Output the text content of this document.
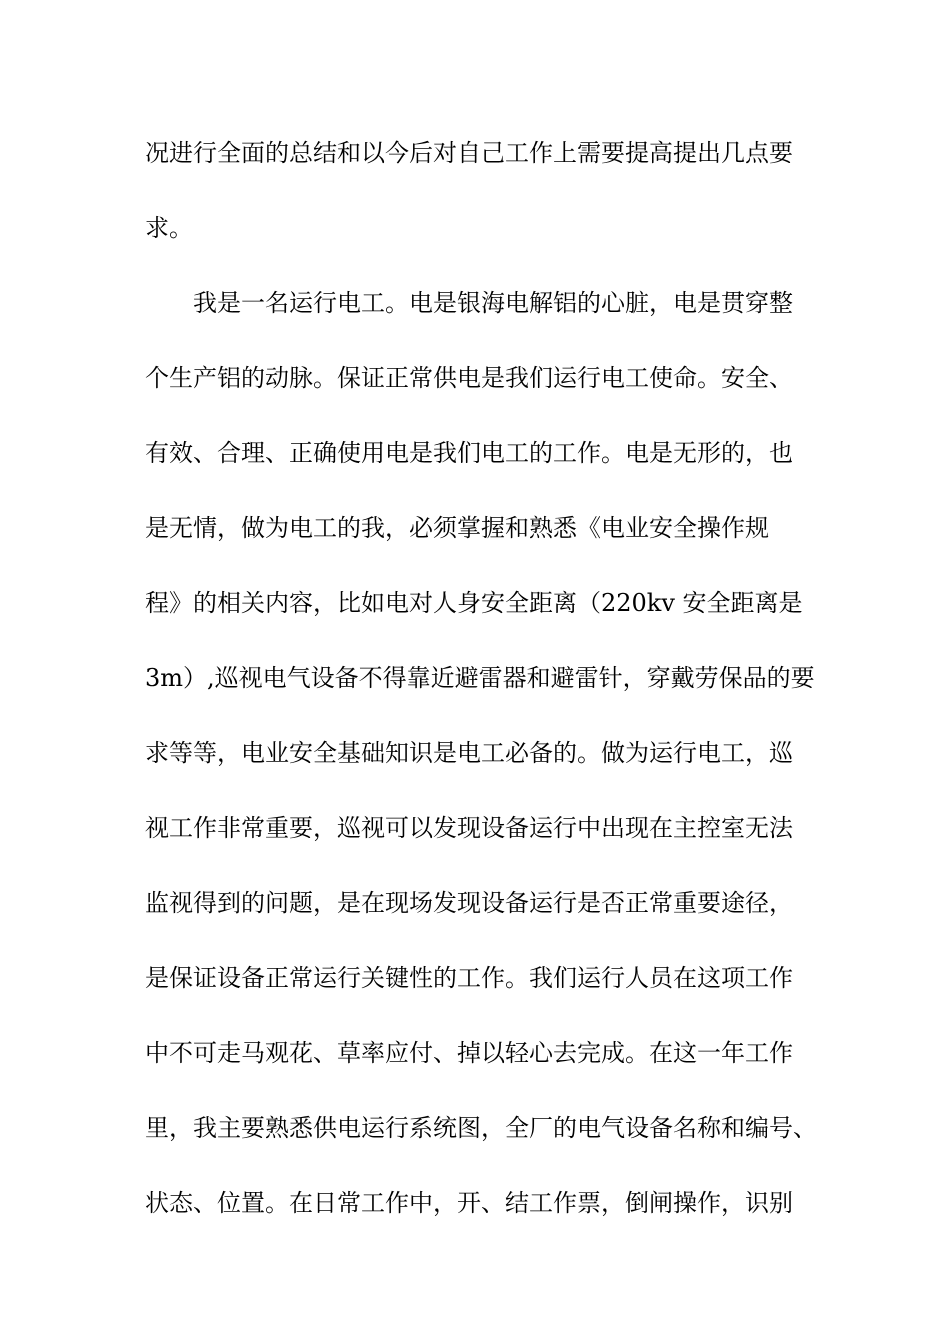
况进行全面的总结和以今后对自己工作上需要提高提出几点要
求。
　　我是一名运行电工。电是银海电解铝的心脏，电是贯穿整
个生产铝的动脉。保证正常供电是我们运行电工使命。安全、
有效、合理、正确使用电是我们电工的工作。电是无形的，也
是无情，做为电工的我，必须掌握和熟悉《电业安全操作规
程》的相关内容，比如电对人身安全距离（220kv 安全距离是
3m）,巡视电气设备不得靠近避雷器和避雷针，穿戴劳保品的要
求等等，电业安全基础知识是电工必备的。做为运行电工，巡
视工作非常重要，巡视可以发现设备运行中出现在主控室无法
监视得到的问题，是在现场发现设备运行是否正常重要途径，
是保证设备正常运行关键性的工作。我们运行人员在这项工作
中不可走马观花、草率应付、掉以轻心去完成。在这一年工作
里，我主要熟悉供电运行系统图，全厂的电气设备名称和编号、
状态、位置。在日常工作中，开、结工作票，倒闸操作，识别
